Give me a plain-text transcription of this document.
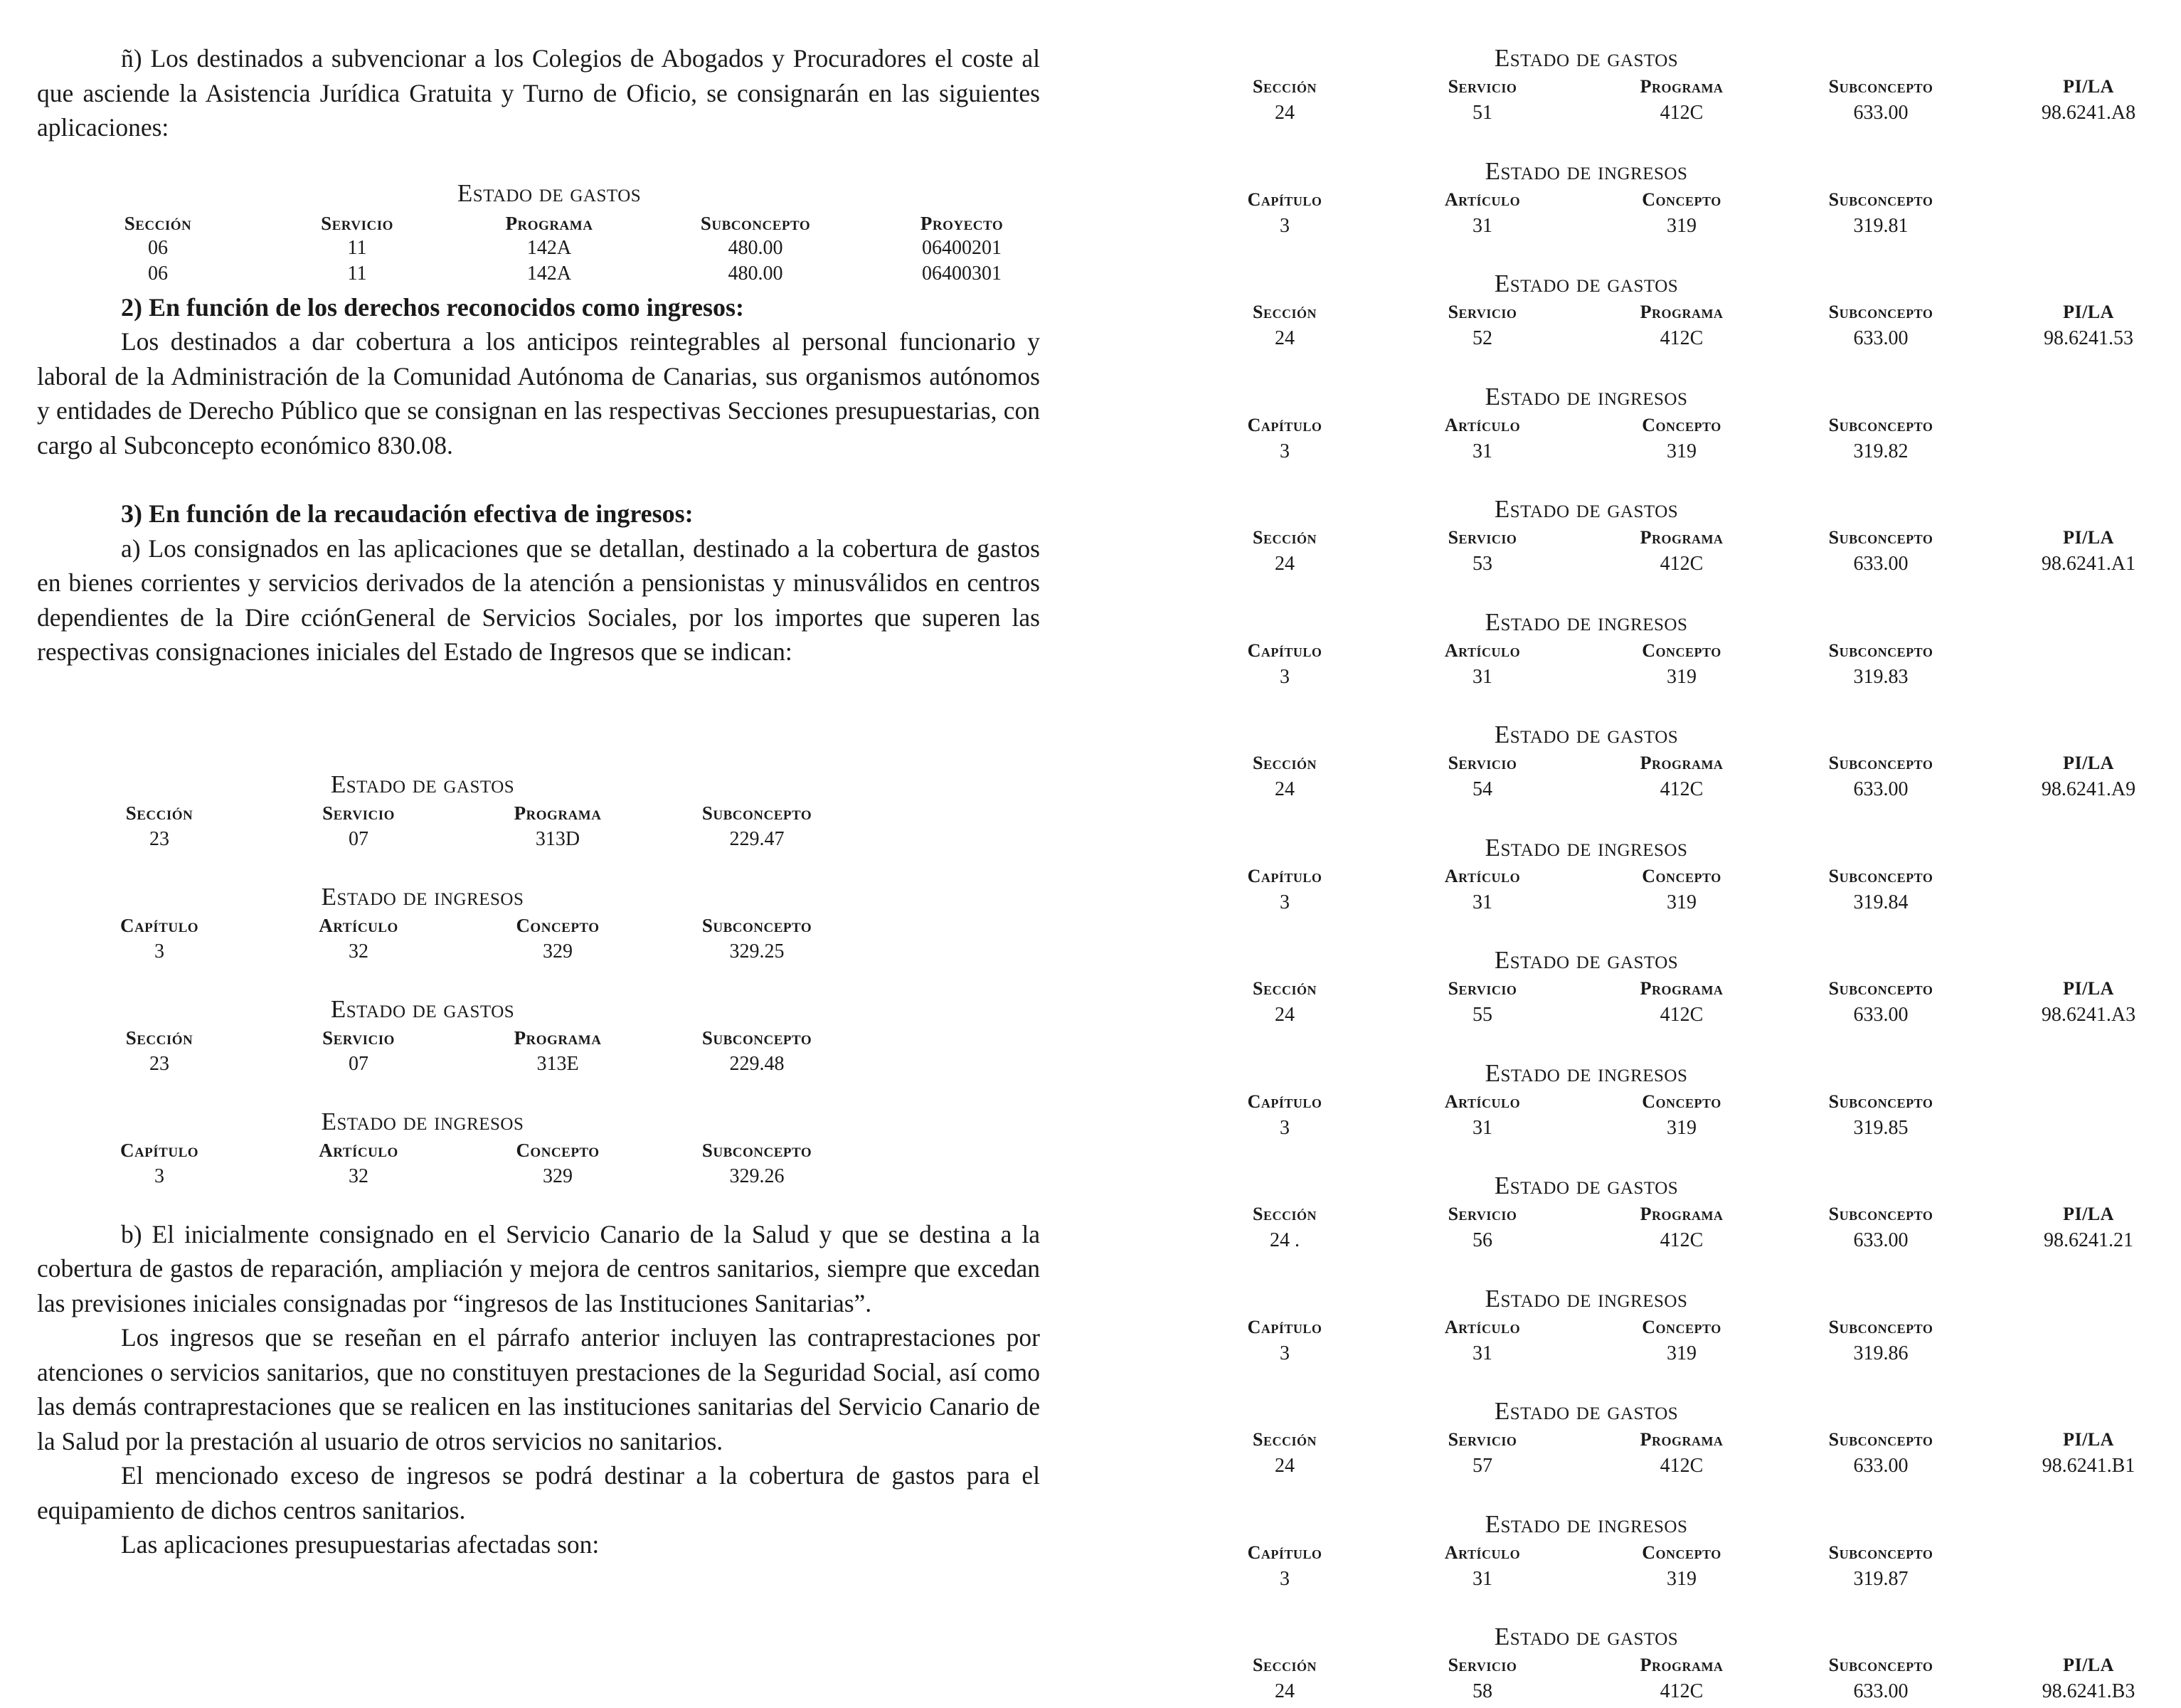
ñ) Los destinados a subvencionar a los Colegios de Abogados y Procuradores el coste al que asciende la Asistencia Jurídica Gratuita y Turno de Oficio, se consignarán en las siguientes aplicaciones:

Estado de gastos
Sección	Servicio	Programa	Subconcepto	Proyecto
06	11	142A	480.00	06400201
06	11	142A	480.00	06400301
2) En función de los derechos reconocidos como ingresos:

Los destinados a dar cobertura a los anticipos reintegrables al personal funcionario y laboral de la Administración de la Comunidad Autónoma de Canarias, sus organismos autónomos y entidades de Derecho Público que se consignan en las respectivas Secciones presupuestarias, con cargo al Subconcepto económico 830.08.

3) En función de la recaudación efectiva de ingresos:

a) Los consignados en las aplicaciones que se detallan, destinado a la cobertura de gastos en bienes corrientes y servicios derivados de la atención a pensionistas y minusválidos en centros dependientes de la Dire cciónGeneral de Servicios Sociales, por los importes que superen las respectivas consignaciones iniciales del Estado de Ingresos que se indican:

Estado de gastos
Sección	Servicio	Programa	Subconcepto
23	07	313D	229.47
Estado de ingresos
Capítulo	Artículo	Concepto	Subconcepto
3	32	329	329.25
Estado de gastos
Sección	Servicio	Programa	Subconcepto
23	07	313E	229.48
Estado de ingresos
Capítulo	Artículo	Concepto	Subconcepto
3	32	329	329.26

b) El inicialmente consignado en el Servicio Canario de la Salud y que se destina a la cobertura de gastos de reparación, ampliación y mejora de centros sanitarios, siempre que excedan las previsiones iniciales consignadas por “ingresos de las Instituciones Sanitarias”.

Los ingresos que se reseñan en el párrafo anterior incluyen las contraprestaciones por atenciones o servicios sanitarios, que no constituyen prestaciones de la Seguridad Social, así como las demás contraprestaciones que se realicen en las instituciones sanitarias del Servicio Canario de la Salud por la prestación al usuario de otros servicios no sanitarios.

El mencionado exceso de ingresos se podrá destinar a la cobertura de gastos para el equipamiento de dichos centros sanitarios.

Las aplicaciones presupuestarias afectadas son:

Estado de gastos
Sección	Servicio	Programa	Subconcepto	PI/LA
24	51	412C	633.00	98.6241.A8
Estado de ingresos
Capítulo	Artículo	Concepto	Subconcepto
3	31	319	319.81
Estado de gastos
Sección	Servicio	Programa	Subconcepto	PI/LA
24	52	412C	633.00	98.6241.53
Estado de ingresos
Capítulo	Artículo	Concepto	Subconcepto
3	31	319	319.82
Estado de gastos
Sección	Servicio	Programa	Subconcepto	PI/LA
24	53	412C	633.00	98.6241.A1
Estado de ingresos
Capítulo	Artículo	Concepto	Subconcepto
3	31	319	319.83
Estado de gastos
Sección	Servicio	Programa	Subconcepto	PI/LA
24	54	412C	633.00	98.6241.A9
Estado de ingresos
Capítulo	Artículo	Concepto	Subconcepto
3	31	319	319.84
Estado de gastos
Sección	Servicio	Programa	Subconcepto	PI/LA
24	55	412C	633.00	98.6241.A3
Estado de ingresos
Capítulo	Artículo	Concepto	Subconcepto
3	31	319	319.85
Estado de gastos
Sección	Servicio	Programa	Subconcepto	PI/LA
24 .	56	412C	633.00	98.6241.21
Estado de ingresos
Capítulo	Artículo	Concepto	Subconcepto
3	31	319	319.86
Estado de gastos
Sección	Servicio	Programa	Subconcepto	PI/LA
24	57	412C	633.00	98.6241.B1
Estado de ingresos
Capítulo	Artículo	Concepto	Subconcepto
3	31	319	319.87
Estado de gastos
Sección	Servicio	Programa	Subconcepto	PI/LA
24	58	412C	633.00	98.6241.B3
